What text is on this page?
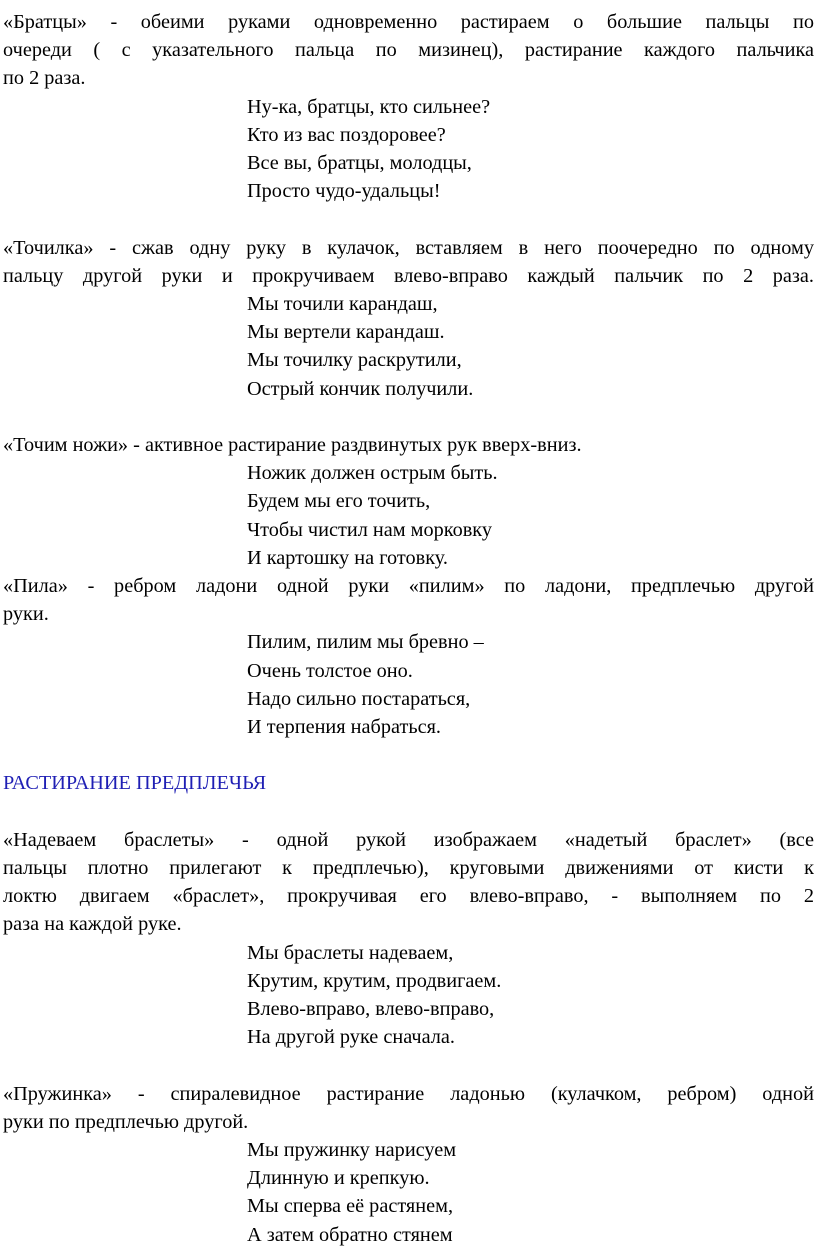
«Братцы» - обеими руками одновременно растираем о большие пальцы по
очереди ( с указательного пальца по мизинец), растирание каждого пальчика
по 2 раза.
Ну-ка, братцы, кто сильнее?
Кто из вас поздоровее?
Все вы, братцы, молодцы,
Просто чудо-удальцы!
«Точилка» - сжав одну руку в кулачок, вставляем в него поочередно по одному
пальцу другой руки и прокручиваем влево-вправо каждый пальчик по 2 раза.
Мы точили карандаш,
Мы вертели карандаш.
Мы точилку раскрутили,
Острый кончик получили.
«Точим ножи» - активное растирание раздвинутых рук вверх-вниз.
Ножик должен острым быть.
Будем мы его точить,
Чтобы чистил нам морковку
И картошку на готовку.
«Пила» - ребром ладони одной руки «пилим» по ладони, предплечью другой
руки.
Пилим, пилим мы бревно –
Очень толстое оно.
Надо сильно постараться,
И терпения набраться.
РАСТИРАНИЕ ПРЕДПЛЕЧЬЯ
«Надеваем браслеты» - одной рукой изображаем «надетый браслет» (все
пальцы плотно прилегают к предплечью), круговыми движениями от кисти к
локтю двигаем «браслет», прокручивая его влево-вправо, - выполняем по 2
раза на каждой руке.
Мы браслеты надеваем,
Крутим, крутим, продвигаем.
Влево-вправо, влево-вправо,
На другой руке сначала.
«Пружинка» - спиралевидное растирание ладонью (кулачком, ребром) одной
руки по предплечью другой.
Мы пружинку нарисуем
Длинную и крепкую.
Мы сперва её растянем,
А затем обратно стянем
